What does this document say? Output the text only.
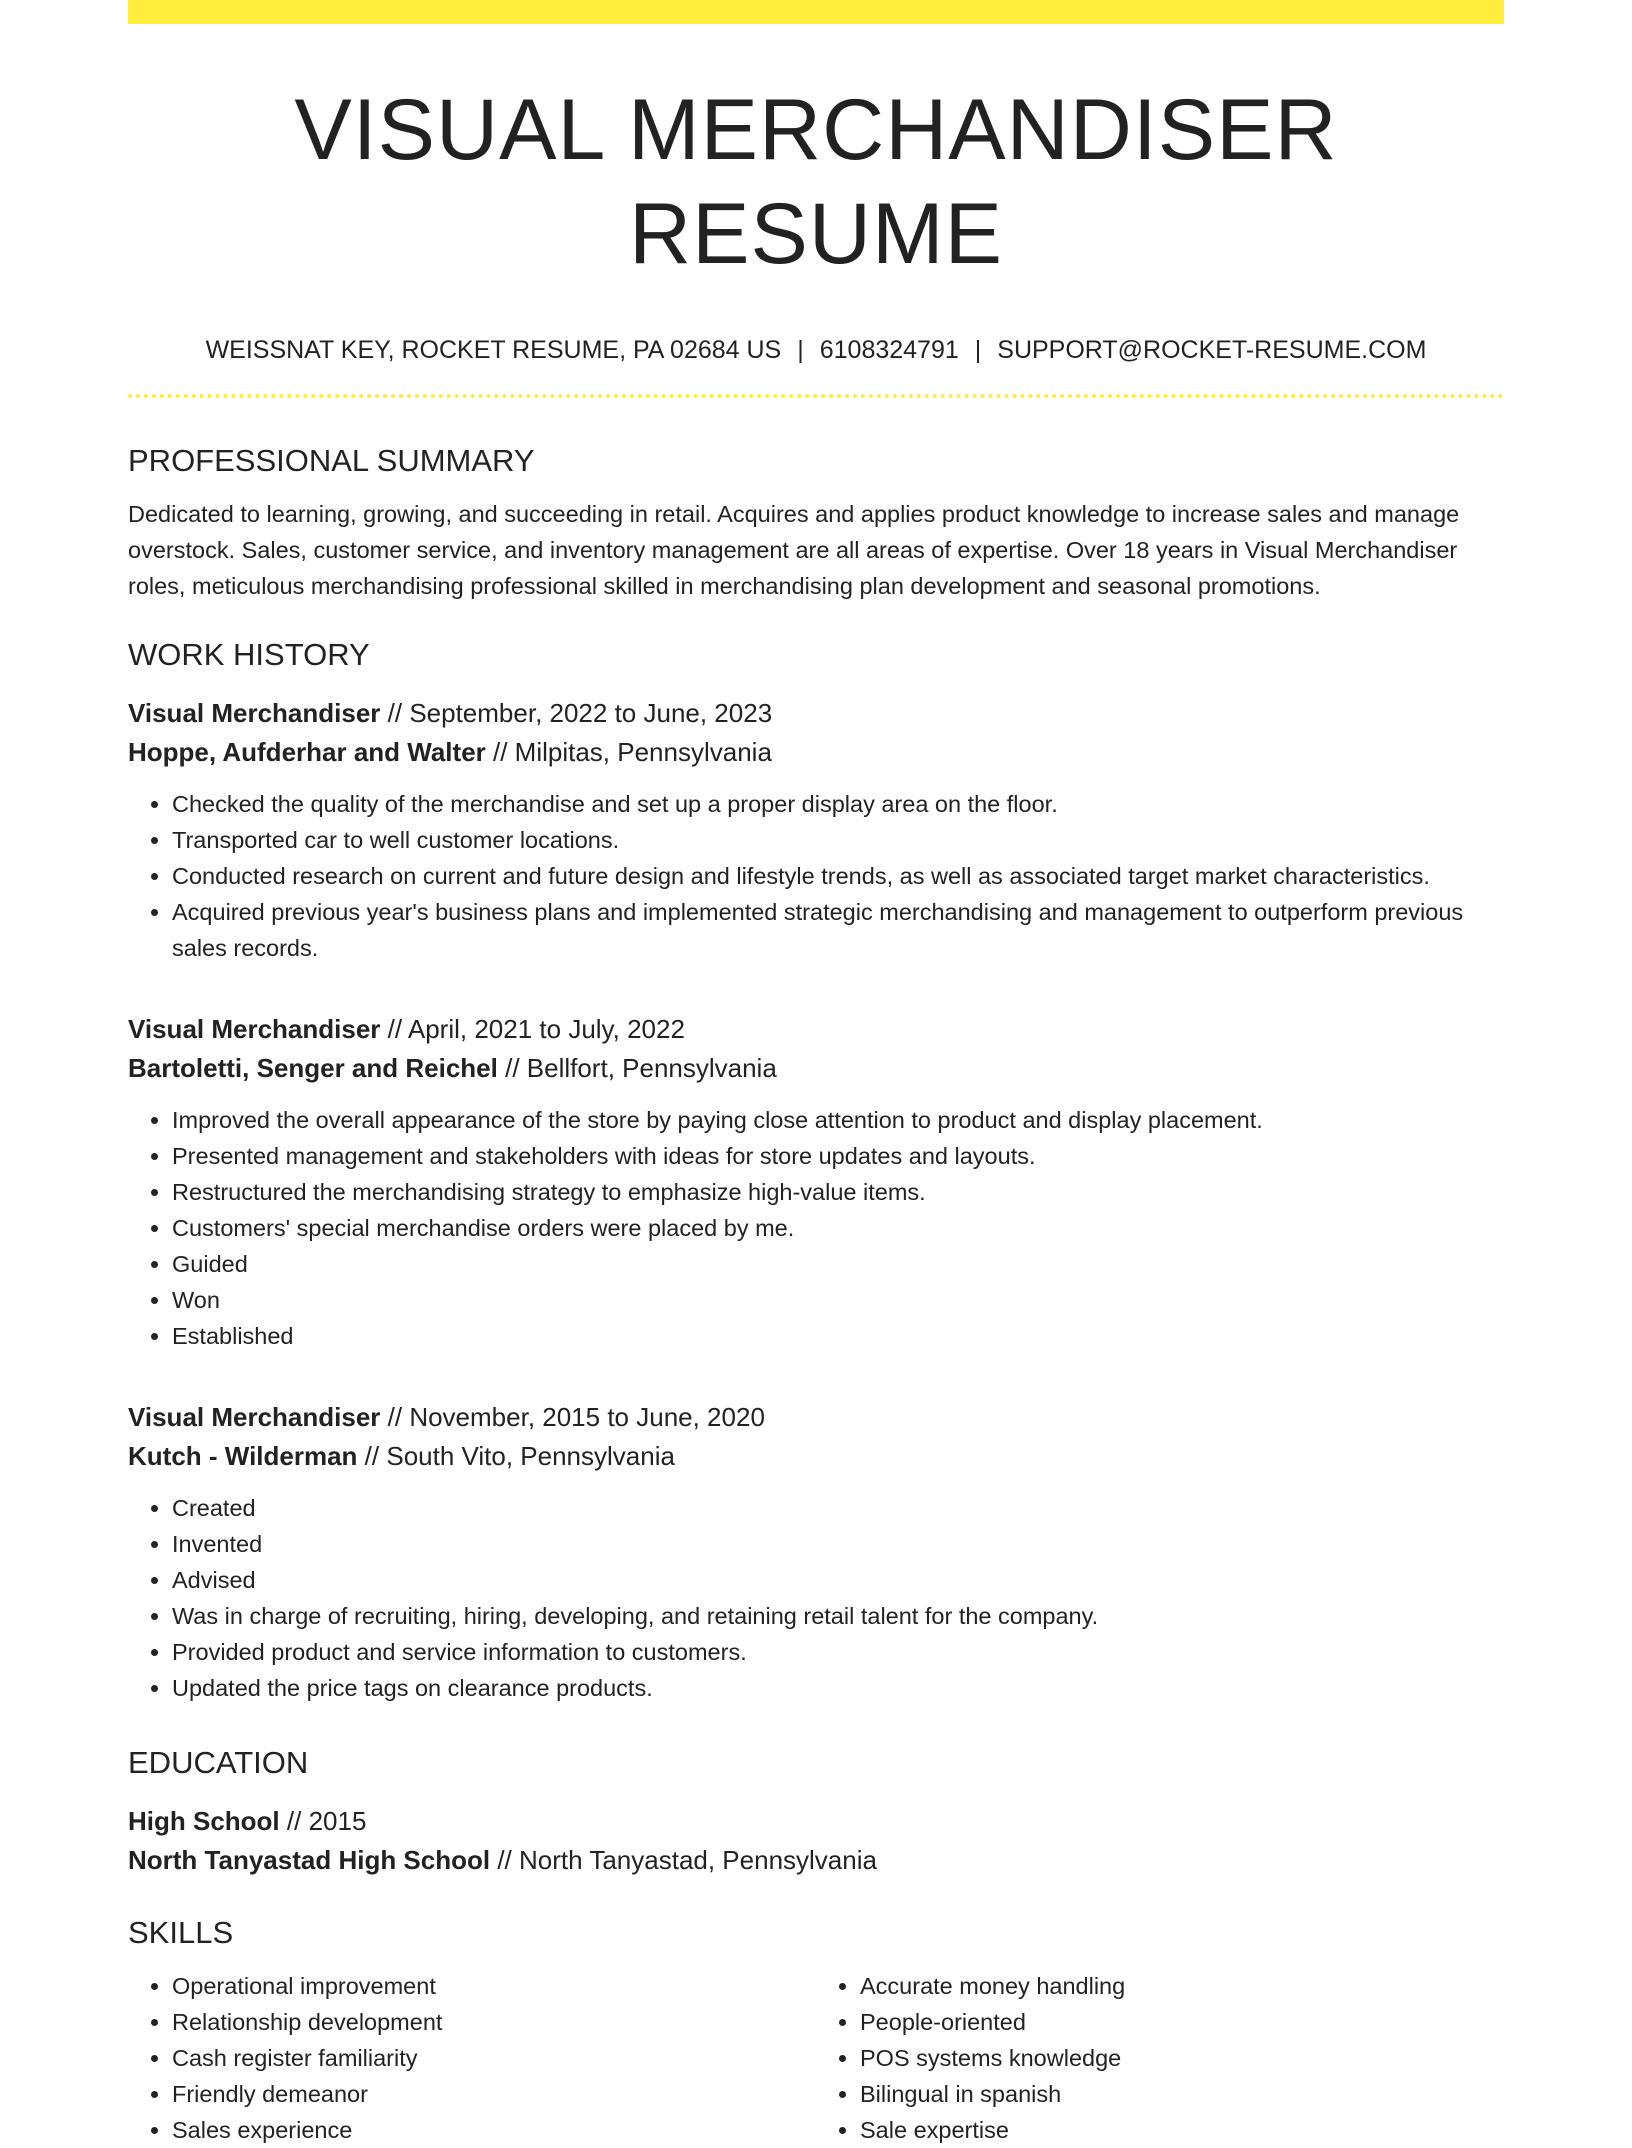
VISUAL MERCHANDISER RESUME
WEISSNAT KEY, ROCKET RESUME, PA 02684 US | 6108324791 | SUPPORT@ROCKET-RESUME.COM
PROFESSIONAL SUMMARY

Dedicated to learning, growing, and succeeding in retail. Acquires and applies product knowledge to increase sales and manage overstock. Sales, customer service, and inventory management are all areas of expertise. Over 18 years in Visual Merchandiser roles, meticulous merchandising professional skilled in merchandising plan development and seasonal promotions.

WORK HISTORY
Visual Merchandiser // September, 2022 to June, 2023
Hoppe, Aufderhar and Walter // Milpitas, Pennsylvania
• Checked the quality of the merchandise and set up a proper display area on the floor.
• Transported car to well customer locations.
• Conducted research on current and future design and lifestyle trends, as well as associated target market characteristics.
• Acquired previous year's business plans and implemented strategic merchandising and management to outperform previous sales records.
Visual Merchandiser // April, 2021 to July, 2022
Bartoletti, Senger and Reichel // Bellfort, Pennsylvania
• Improved the overall appearance of the store by paying close attention to product and display placement.
• Presented management and stakeholders with ideas for store updates and layouts.
• Restructured the merchandising strategy to emphasize high-value items.
• Customers' special merchandise orders were placed by me.
• Guided
• Won
• Established
Visual Merchandiser // November, 2015 to June, 2020
Kutch - Wilderman // South Vito, Pennsylvania
• Created
• Invented
• Advised
• Was in charge of recruiting, hiring, developing, and retaining retail talent for the company.
• Provided product and service information to customers.
• Updated the price tags on clearance products.
EDUCATION
High School // 2015
North Tanyastad High School // North Tanyastad, Pennsylvania
SKILLS
• Operational improvement
• Relationship development
• Cash register familiarity
• Friendly demeanor
• Sales experience
• Accurate money handling
• People-oriented
• POS systems knowledge
• Bilingual in spanish
• Sale expertise
